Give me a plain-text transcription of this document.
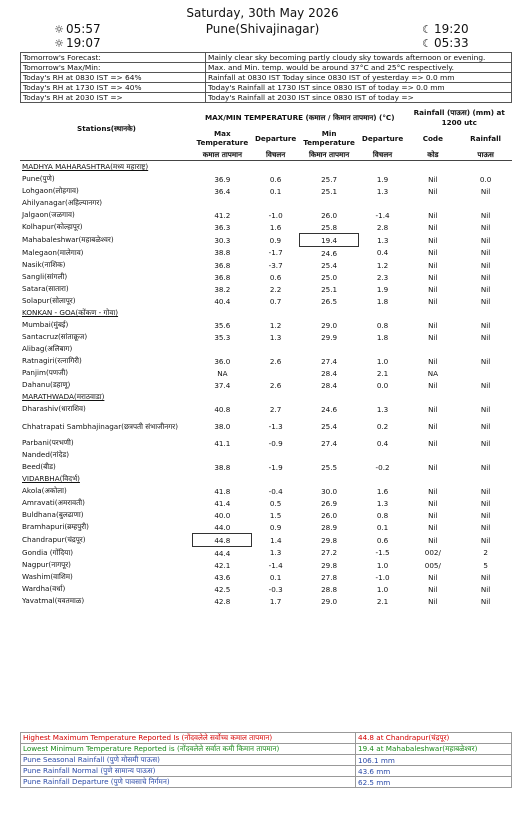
Saturday, 30th May 2026
Pune(Shivajinagar)
☼ 05:57
☼ 19:07
☾ 19:20
☾ 05:33
Tomorrow's Forecast:	Mainly clear sky becoming partly cloudy sky towards afternoon or evening.
Tomorrow's Max/Min:	Max. and Min. temp. would be around 37°C and 25°C respectively.
Today's RH at 0830 IST => 64%	Rainfall at 0830 IST Today since 0830 IST of yesterday => 0.0 mm
Today's RH at 1730 IST => 40%	Today's Rainfall at 1730 IST since 0830 IST of today => 0.0 mm
Today's RH at 2030 IST =>	Today's Rainfall at 2030 IST since 0830 IST of today =>
Stations(स्थानके)	MAX/MIN TEMPERATURE (कमाल / किमान तापमान) (°C)				Rainfall (पाऊस) (mm) at 1200 utc	
	Max Temperature	Departure	Min Temperature	Departure	Code	Rainfall
	कमाल तापमान	विचलन	किमान तापमान	विचलन	कोड	पाऊस
MADHYA MAHARASHTRA(मध्य महाराष्ट्र)						
Pune(पुणे)	36.9	0.6	25.7	1.9	Nil	0.0
Lohgaon(लोहगाव)	36.4	0.1	25.1	1.3	Nil	Nil
Ahilyanagar(अहिल्यानगर)						
Jalgaon(जळगाव)	41.2	-1.0	26.0	-1.4	Nil	Nil
Kolhapur(कोल्हापूर)	36.3	1.6	25.8	2.8	Nil	Nil
Mahabaleshwar(महाबळेश्वर)	30.3	0.9	19.4	1.3	Nil	Nil
Malegaon(मालेगाव)	38.8	-1.7	24.6	0.4	Nil	Nil
Nasik(नाशिक)	36.8	-3.7	25.4	1.2	Nil	Nil
Sangli(सांगली)	36.8	0.6	25.0	2.3	Nil	Nil
Satara(सातारा)	38.2	2.2	25.1	1.9	Nil	Nil
Solapur(सोलापूर)	40.4	0.7	26.5	1.8	Nil	Nil
KONKAN - GOA(कोंकण - गोवा)						
Mumbai(मुंबई)	35.6	1.2	29.0	0.8	Nil	Nil
Santacruz(सांताक्रूज)	35.3	1.3	29.9	1.8	Nil	Nil
Alibag(अलिबाग)						
Ratnagiri(रत्नागिरी)	36.0	2.6	27.4	1.0	Nil	Nil
Panjim(पणजी)	NA		28.4	2.1	NA	
Dahanu(डहाणू)	37.4	2.6	28.4	0.0	Nil	Nil
MARATHWADA(मराठवाडा)						
Dharashiv(धाराशिव)	40.8	2.7	24.6	1.3	Nil	Nil
Chhatrapati Sambhajinagar(छत्रपती संभाजीनगर)	38.0	-1.3	25.4	0.2	Nil	Nil
Parbani(परभणी)	41.1	-0.9	27.4	0.4	Nil	Nil
Nanded(नांदेड)						
Beed(बीड)	38.8	-1.9	25.5	-0.2	Nil	Nil
VIDARBHA(विदर्भ)						
Akola(अकोला)	41.8	-0.4	30.0	1.6	Nil	Nil
Amravati(अमरावती)	41.4	0.5	26.9	1.3	Nil	Nil
Buldhana(बुलढाणा)	40.0	1.5	26.0	0.8	Nil	Nil
Bramhapuri(ब्रम्हपुरी)	44.0	0.9	28.9	0.1	Nil	Nil
Chandrapur(चंद्रपूर)	44.8	1.4	29.8	0.6	Nil	Nil
Gondia (गोंदिया)	44.4	1.3	27.2	-1.5	002/	2
Nagpur(नागपूर)	42.1	-1.4	29.8	1.0	005/	5
Washim(वाशिम)	43.6	0.1	27.8	-1.0	Nil	Nil
Wardha(वर्धा)	42.5	-0.3	28.8	1.0	Nil	Nil
Yavatmal(यवतमाळ)	42.8	1.7	29.0	2.1	Nil	Nil
Highest Maximum Temperature Reported Is (नोंदवलेले सर्वोच्च कमाल तापमान)	44.8 at Chandrapur(चंद्रपूर)
Lowest Minimum Temperature Reported is (नोंदवलेले सर्वात कमी किमान तापमान)	19.4 at Mahabaleshwar(महाबळेश्वर)
Pune Seasonal Rainfall (पुणे मोसमी पाऊस)	106.1 mm
Pune Rainfall Normal (पुणे सामान्य पाऊस)	43.6 mm
Pune Rainfall Departure (पुणे पावसाचे निर्गमन)	62.5 mm
